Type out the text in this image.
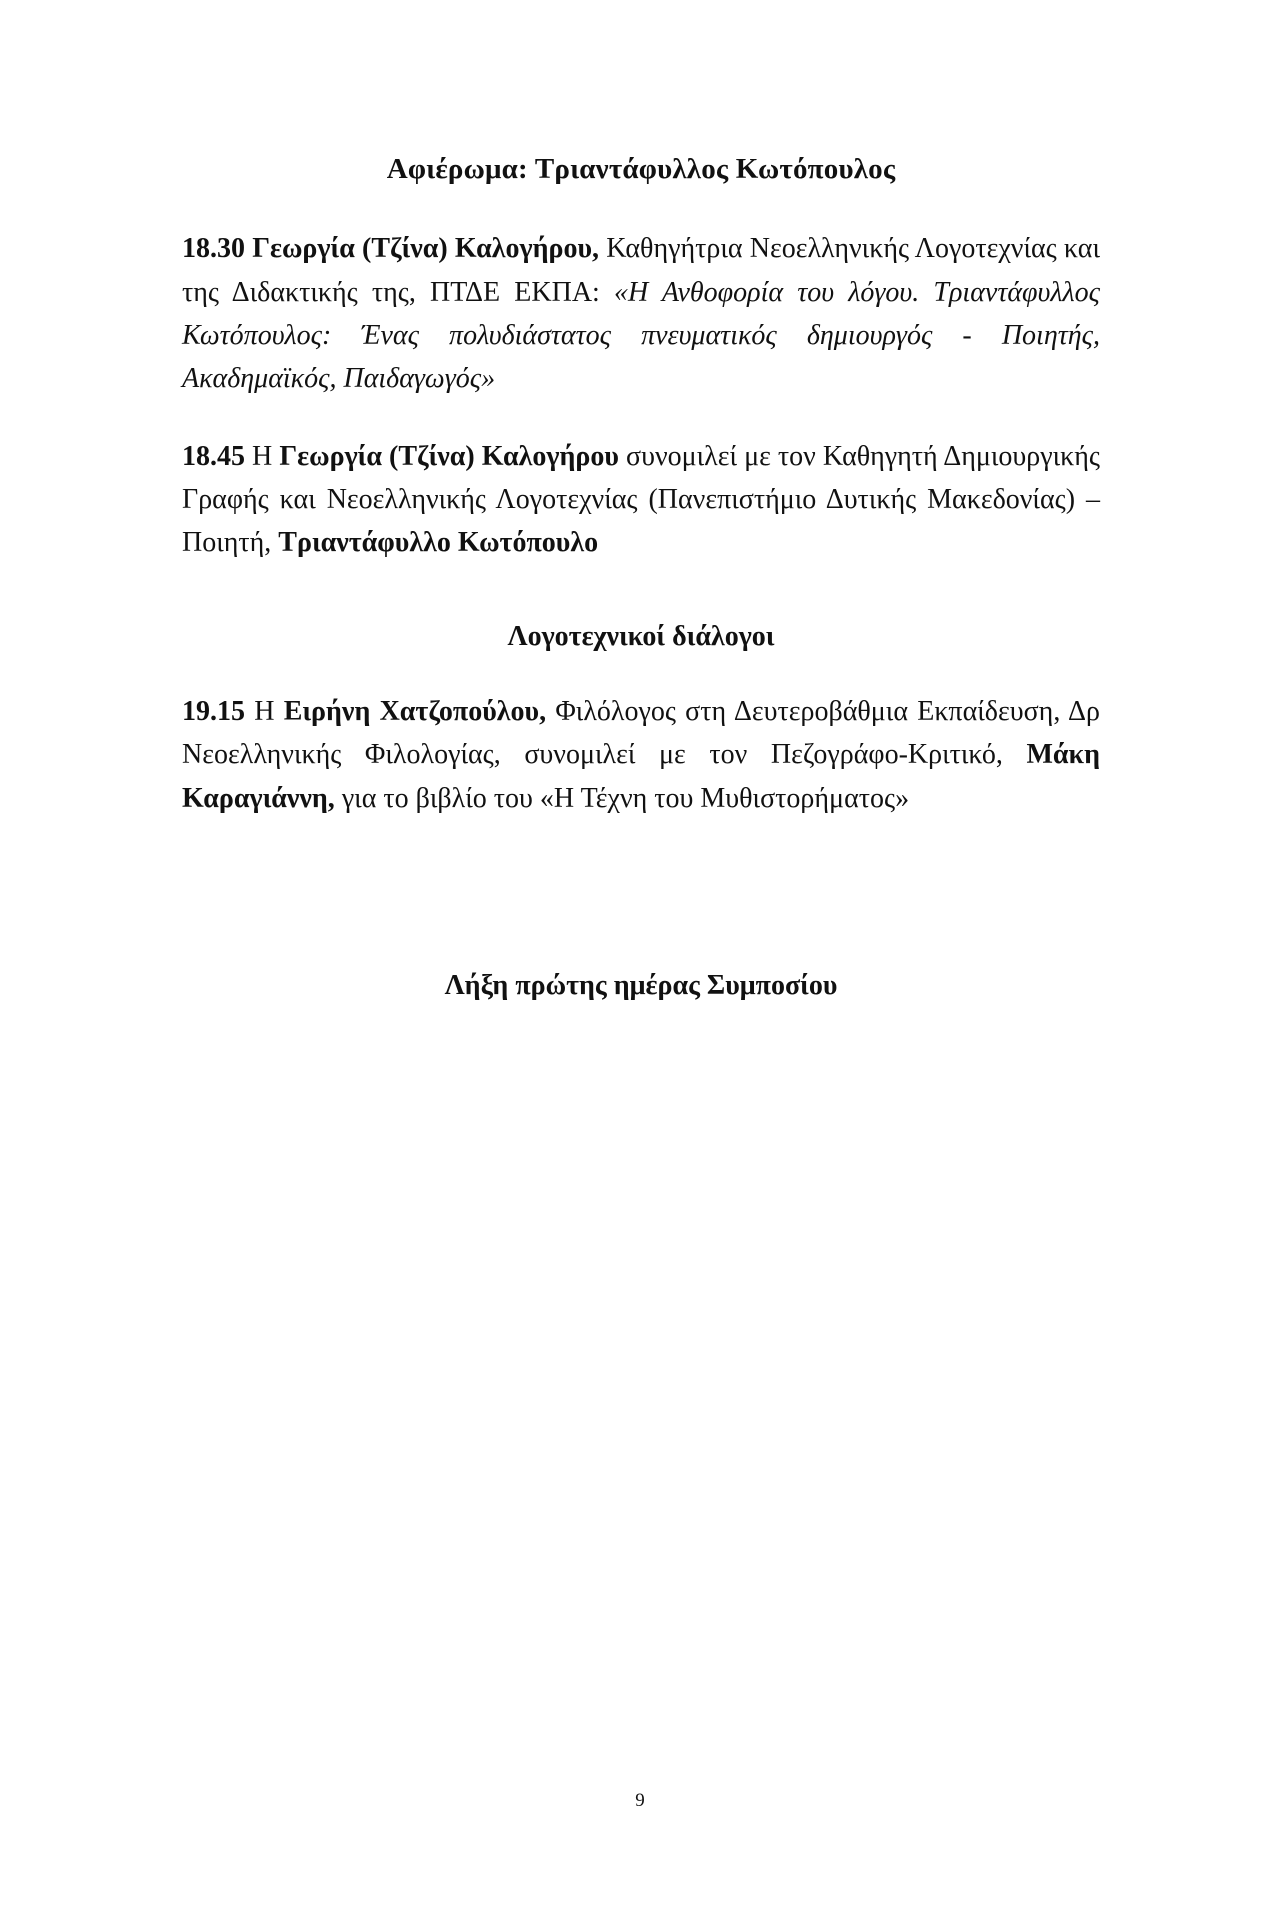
Αφιέρωμα: Τριαντάφυλλος Κωτόπουλος

18.30 Γεωργία (Τζίνα) Καλογήρου, Καθηγήτρια Νεοελληνικής Λογοτεχνίας και της Διδακτικής της, ΠΤΔΕ ΕΚΠΑ: «Η Ανθοφορία του λόγου. Τριαντάφυλλος Κωτόπουλος: Ένας πολυδιάστατος πνευματικός δημιουργός - Ποιητής, Ακαδημαϊκός, Παιδαγωγός»

18.45 Η Γεωργία (Τζίνα) Καλογήρου συνομιλεί με τον Καθηγητή Δημιουργικής Γραφής και Νεοελληνικής Λογοτεχνίας (Πανεπιστήμιο Δυτικής Μακεδονίας) – Ποιητή, Τριαντάφυλλο Κωτόπουλο

Λογοτεχνικοί διάλογοι

19.15 Η Ειρήνη Χατζοπούλου, Φιλόλογος στη Δευτεροβάθμια Εκπαίδευση, Δρ Νεοελληνικής Φιλολογίας, συνομιλεί με τον Πεζογράφο-Κριτικό, Μάκη Καραγιάννη, για το βιβλίο του «Η Τέχνη του Μυθιστορήματος»

Λήξη πρώτης ημέρας Συμποσίου
9
